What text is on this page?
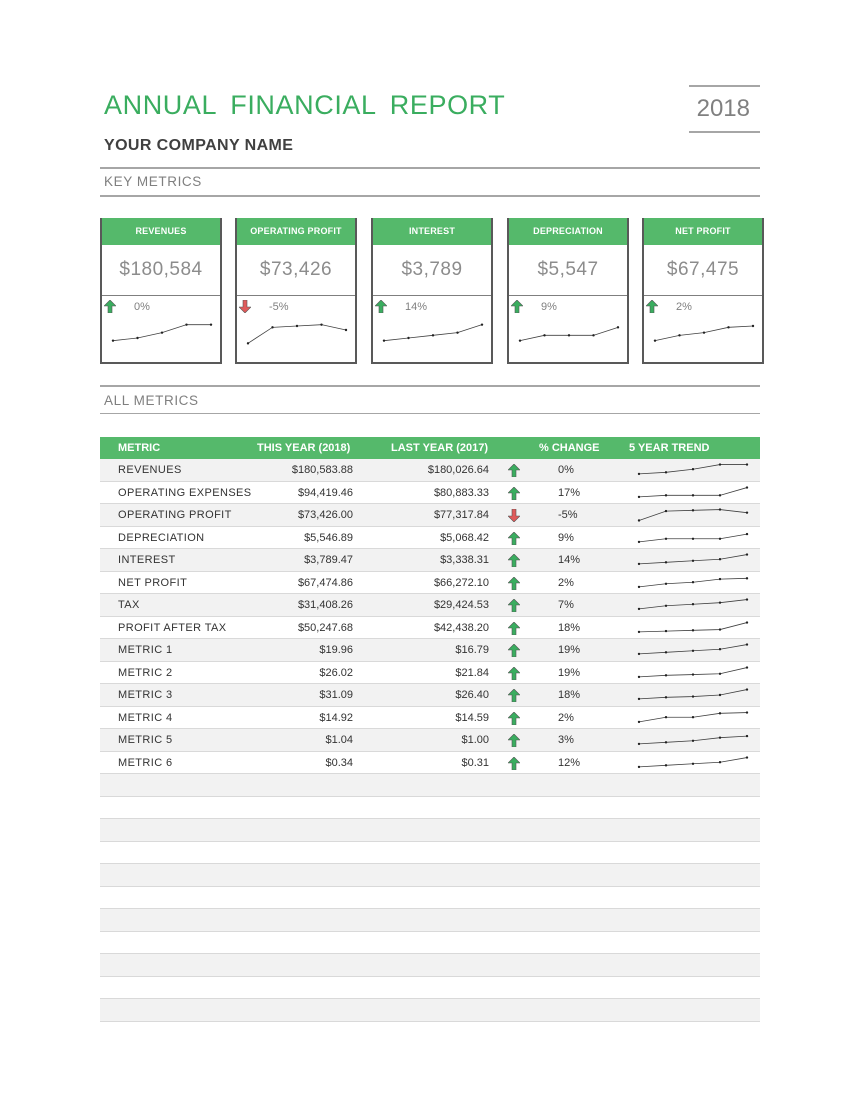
ANNUAL FINANCIAL REPORT	2018
YOUR COMPANY NAME
KEY METRICS
REVENUES
$180,584
0%
OPERATING PROFIT
$73,426
-5%
INTEREST
$3,789
14%
DEPRECIATION
$5,547
9%
NET PROFIT
$67,475
2%
ALL METRICS
METRIC	THIS YEAR (2018)	LAST YEAR (2017)	% CHANGE	5 YEAR TREND
REVENUES	$180,583.88	$180,026.64	0%
OPERATING EXPENSES	$94,419.46	$80,883.33	17%
OPERATING PROFIT	$73,426.00	$77,317.84	-5%
DEPRECIATION	$5,546.89	$5,068.42	9%
INTEREST	$3,789.47	$3,338.31	14%
NET PROFIT	$67,474.86	$66,272.10	2%
TAX	$31,408.26	$29,424.53	7%
PROFIT AFTER TAX	$50,247.68	$42,438.20	18%
METRIC 1	$19.96	$16.79	19%
METRIC 2	$26.02	$21.84	19%
METRIC 3	$31.09	$26.40	18%
METRIC 4	$14.92	$14.59	2%
METRIC 5	$1.04	$1.00	3%
METRIC 6	$0.34	$0.31	12%
